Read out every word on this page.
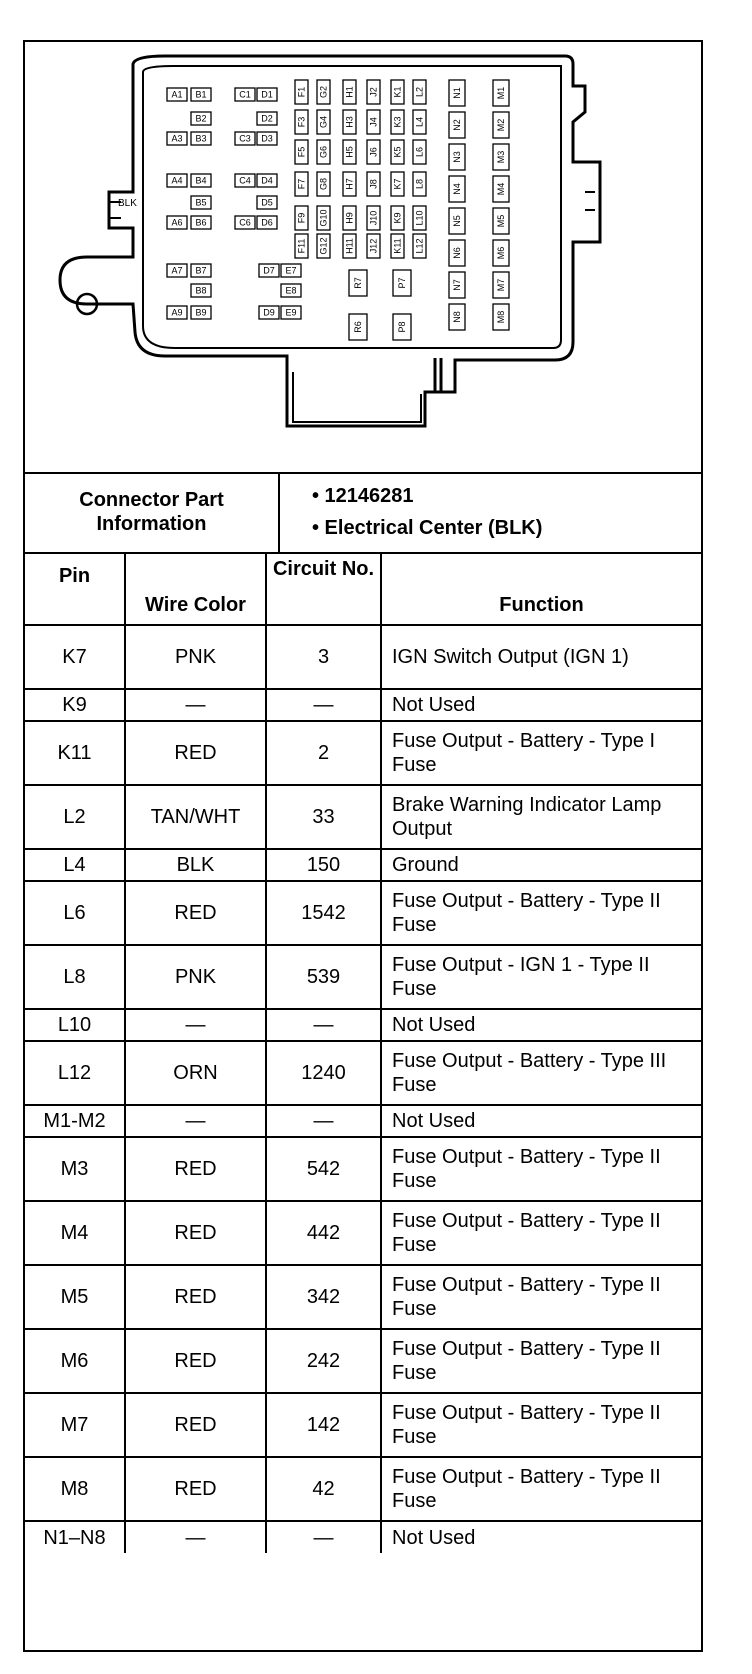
BLK
A1 B1	C1 D1
B2	D2
A3 B3	C3 D3
A4 B4	C4 D4
B5	D5
A6 B6	C6 D6
A7 B7	D7 E7
B8	E8
A9 B9	D9 E9
F1 G2 H1 J2 K1 L2
F3 G4 H3 J4 K3 L4
F5 G6 H5 J6 K5 L6
F7 G8 H7 J8 K7 L8
F9 G10 H9 J10 K9 L10
F11 G12 H11 J12 K11 L12
N1
N2
N3
N4
N5
N6
N7
N8
M1
M2
M3
M4
M5
M6
M7
M8
R7	P7
R6	P8
Connector Part Information
• 12146281
• Electrical Center (BLK)
Pin	Wire Color	Circuit No.	Function
K7	PNK	3	IGN Switch Output (IGN 1)
K9	—	—	Not Used
K11	RED	2	Fuse Output - Battery - Type I Fuse
L2	TAN/WHT	33	Brake Warning Indicator Lamp Output
L4	BLK	150	Ground
L6	RED	1542	Fuse Output - Battery - Type II Fuse
L8	PNK	539	Fuse Output - IGN 1 - Type II Fuse
L10	—	—	Not Used
L12	ORN	1240	Fuse Output - Battery - Type III Fuse
M1-M2	—	—	Not Used
M3	RED	542	Fuse Output - Battery - Type II Fuse
M4	RED	442	Fuse Output - Battery - Type II Fuse
M5	RED	342	Fuse Output - Battery - Type II Fuse
M6	RED	242	Fuse Output - Battery - Type II Fuse
M7	RED	142	Fuse Output - Battery - Type II Fuse
M8	RED	42	Fuse Output - Battery - Type II Fuse
N1–N8	—	—	Not Used
